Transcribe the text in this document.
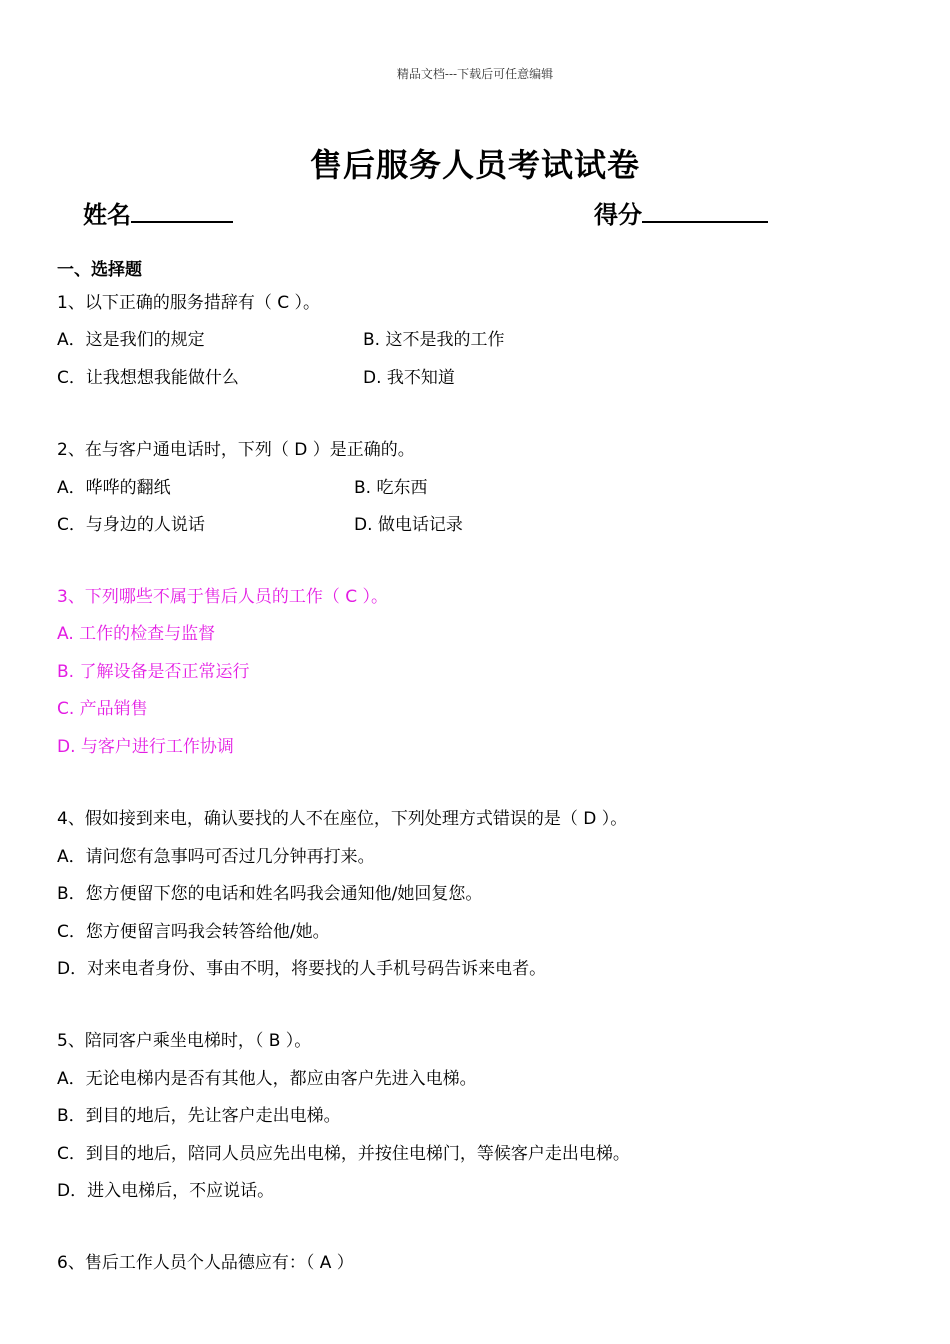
精品文档---下载后可任意编辑
售后服务人员考试试卷
姓名	得分
一、选择题
1、以下正确的服务措辞有（ C ）。
A．这是我们的规定	B. 这不是我的工作
C．让我想想我能做什么	D. 我不知道
2、在与客户通电话时，下列（ D ）是正确的。
A．哗哗的翻纸	B. 吃东西
C．与身边的人说话	D. 做电话记录
3、下列哪些不属于售后人员的工作（ C ）。
A. 工作的检查与监督
B. 了解设备是否正常运行
C. 产品销售
D. 与客户进行工作协调
4、假如接到来电，确认要找的人不在座位，下列处理方式错误的是（ D ）。
A．请问您有急事吗可否过几分钟再打来。
B．您方便留下您的电话和姓名吗我会通知他/她回复您。
C．您方便留言吗我会转答给他/她。
D．对来电者身份、事由不明，将要找的人手机号码告诉来电者。
5、陪同客户乘坐电梯时，（ B ）。
A．无论电梯内是否有其他人，都应由客户先进入电梯。
B．到目的地后，先让客户走出电梯。
C．到目的地后，陪同人员应先出电梯，并按住电梯门，等候客户走出电梯。
D．进入电梯后，不应说话。
6、售后工作人员个人品德应有：（ A ）
